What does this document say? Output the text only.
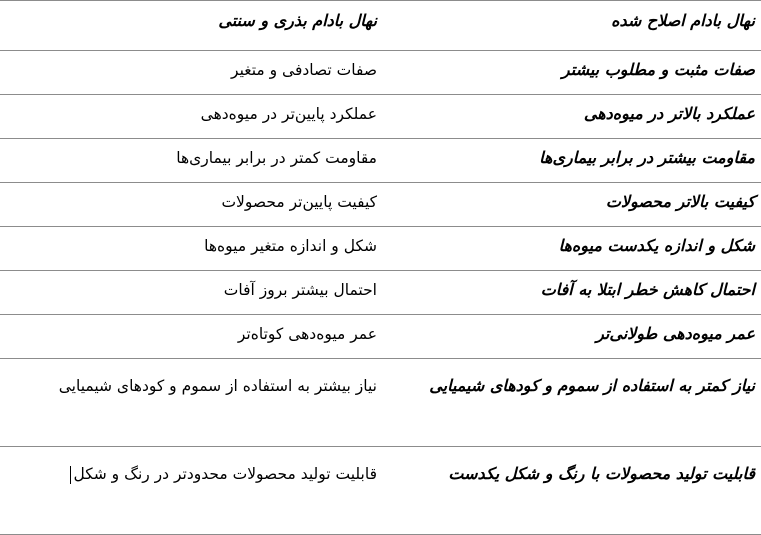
نهال بادام اصلاح شده	نهال بادام بذری و سنتی
صفات مثبت و مطلوب بیشتر	صفات تصادفی و متغیر
عملکرد بالاتر در میوه‌دهی	عملکرد پایین‌تر در میوه‌دهی
مقاومت بیشتر در برابر بیماری‌ها	مقاومت کمتر در برابر بیماری‌ها
کیفیت بالاتر محصولات	کیفیت پایین‌تر محصولات
شکل و اندازه یکدست میوه‌ها	شکل و اندازه متغیر میوه‌ها
احتمال کاهش خطر ابتلا به آفات	احتمال بیشتر بروز آفات
عمر میوه‌دهی طولانی‌تر	عمر میوه‌دهی کوتاه‌تر
نیاز کمتر به استفاده از سموم و کودهای شیمیایی	نیاز بیشتر به استفاده از سموم و کودهای شیمیایی
قابلیت تولید محصولات با رنگ و شکل یکدست	قابلیت تولید محصولات محدودتر در رنگ و شکل
